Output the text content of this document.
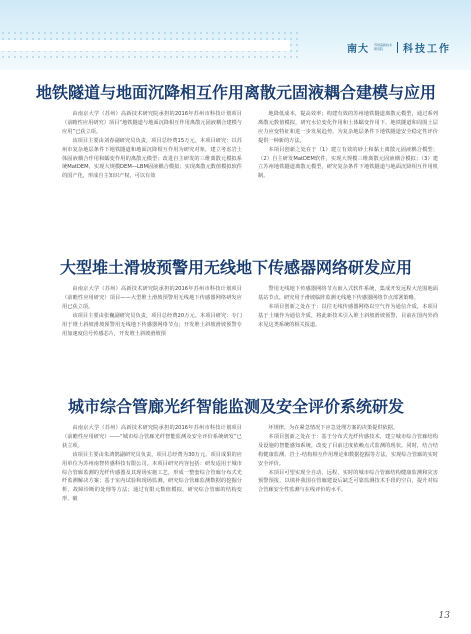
南大 苏州高新技术
研究院	科技工作
地铁隧道与地面沉降相互作用离散元固液耦合建模与应用

由南京大学（苏州）高新技术研究院承担的2016年苏州市科技计划项目（前瞻性应用研究）项目“地铁隧道与地面沉降相互作用离散元固液耦合建模与应用”已获立项。

该项目主要由刘春副研究员负责，项目总经费15万元。本项目研究：以苏州市复杂地层条件下地铁隧道和地面沉降相互作用为研究对象，建立考虑岩土体固液耦合作用和蠕变作用的离散元模型；改进自主研发的三维离散元模拟系统MatDEM，实现大规模DEM—LBM固液耦合模拟；实现离散元数值模拟软件的国产化，形成自主知识产权，可以有效

地降低成本，提高效率；构建有效的苏州地铁隧道离散元模型，通过系列离散元数值模拟，研究水位变化作用和土体蠕变作用下，地铁隧道和周围土层应力应变特征和进一步发展趋势，为复杂地层条件下地铁隧道安全稳定性评价提供一种新的方法。

本项目创新之处在于（1）建立有效的砂土和黏土离散元固液耦合模型；（2）自主研发MatDEM软件，实现大规模三维离散元固液耦合模拟；（3）建立苏州地铁隧道离散元模型，研究复杂条件下地铁隧道与地面沉降相互作用机制。

大型堆土滑坡预警用无线地下传感器网络研发应用

由南京大学（苏州）高新技术研究院承担的2016年苏州市科技计划项目（前瞻性应用研究）项目——大型堆土滑坡预警用无线地下传感器网络研发应用已获立项。

该项目主要由张巍副研究员负责，项目总经费20万元。本项目研究：专门用于堆土斜坡滑坡预警用无线地下传感器网络节点；开发堆土斜坡滑坡预警专用加速度信号传感芯片，开发堆土斜坡滑坡预

警用无线地下传感器网络节点嵌入式软件系统，集成开发远程大范围地面基站节点。研究用于滑坡临阵监测无线地下传感器网络节点部署策略。

本项目创新之处在于：以往无线传感器网络以空气作为通信介质，本项目基于土壤作为通信介质，将此新技术引入堆土斜坡滑坡预警，目前在国内外尚未见这类系统的相关报道。

城市综合管廊光纤智能监测及安全评价系统研发

由南京大学（苏州）高新技术研究院承担的2016年苏州市科技计划项目（前瞻性应用研究）——“城市综合管廊光纤智能监测及安全评价系统研发”已获立项。

该项目主要由朱鸿鹄副研究员负责，项目总经费为30万元。项目成果的应用单位为苏州南智传感科技有限公司。本项目研究内容包括：研发适用于城市综合管廊监测的光纤传感器及其现场实施工艺，形成一整套综合管廊分布式光纤监测解决方案；基于室内试验和现场监测，研究综合管廊监测数据的挖掘分析、故障诊断的处理等方法；通过有限元数值模拟，研究综合管廊的结构变形、破

坏规律，为在紧急情况下应急处理方案的决策提供依据。

本项目创新之处在于：基于分布式光纤传感技术，建立城市综合管廊结构及设施的智能感知系统，改变了目前过度依赖点式监测的现状。同时，结合结构健康监测、岩土-结构相互作用理论和数据挖掘等方法，实现综合管廊的实时安全评价。

本项目可望实现全自动、远程、实时的城市综合管廊结构健康监测和灾害预警预报，以填补我国在管廊建设后缺乏可靠监测技术手段的空白，提升对综合管廊安全性监测与在线评价的水平。

13
